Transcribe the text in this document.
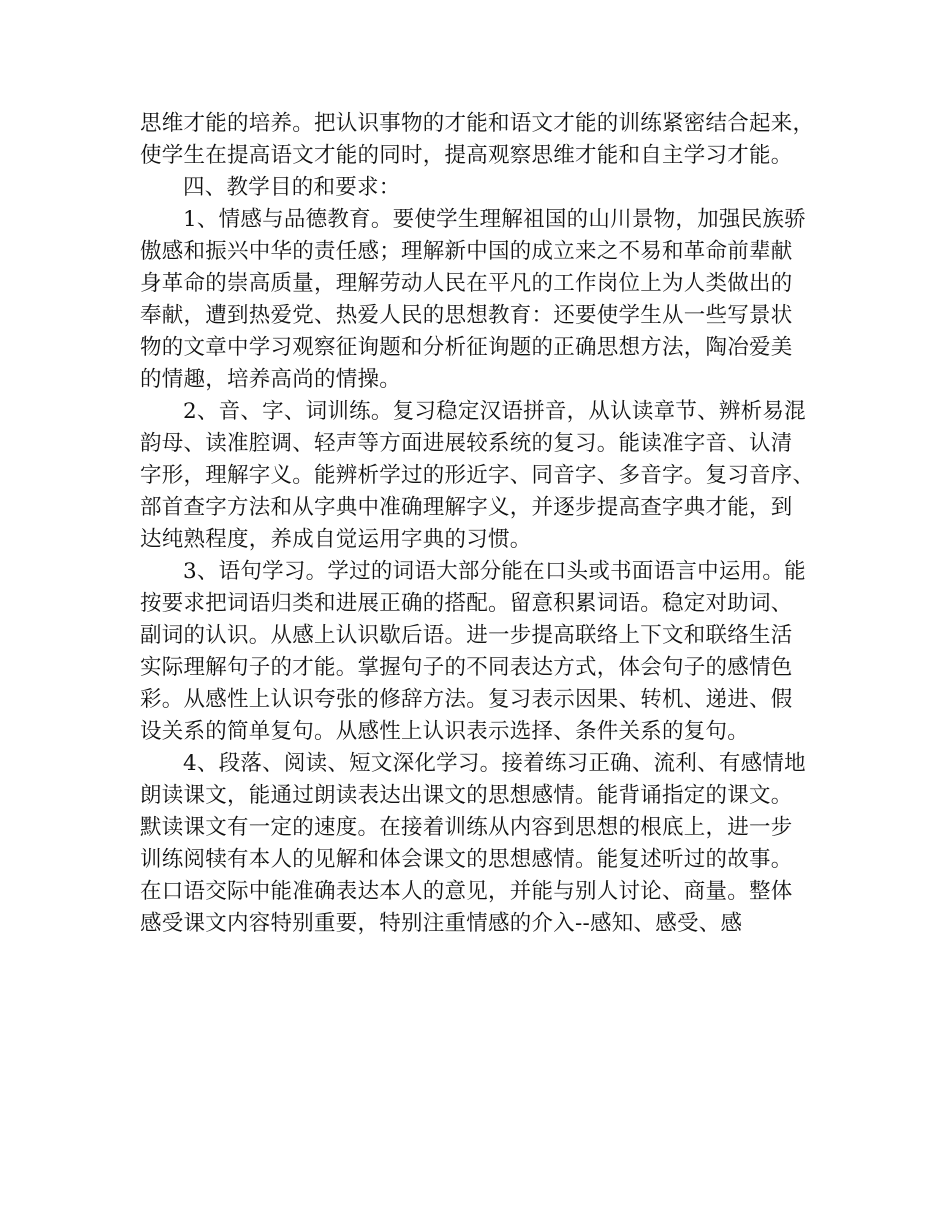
思维才能的培养。把认识事物的才能和语文才能的训练紧密结合起来，

使学生在提高语文才能的同时，提高观察思维才能和自主学习才能。

四、教学目的和要求：

1、情感与品德教育。要使学生理解祖国的山川景物，加强民族骄

傲感和振兴中华的责任感；理解新中国的成立来之不易和革命前辈献

身革命的崇高质量，理解劳动人民在平凡的工作岗位上为人类做出的

奉献，遭到热爱党、热爱人民的思想教育：还要使学生从一些写景状

物的文章中学习观察征询题和分析征询题的正确思想方法，陶冶爱美

的情趣，培养高尚的情操。

2、音、字、词训练。复习稳定汉语拼音，从认读章节、辨析易混

韵母、读准腔调、轻声等方面进展较系统的复习。能读准字音、认清

字形，理解字义。能辨析学过的形近字、同音字、多音字。复习音序、

部首查字方法和从字典中准确理解字义，并逐步提高查字典才能，到

达纯熟程度，养成自觉运用字典的习惯。

3、语句学习。学过的词语大部分能在口头或书面语言中运用。能

按要求把词语归类和进展正确的搭配。留意积累词语。稳定对助词、

副词的认识。从感上认识歇后语。进一步提高联络上下文和联络生活

实际理解句子的才能。掌握句子的不同表达方式，体会句子的感情色

彩。从感性上认识夸张的修辞方法。复习表示因果、转机、递进、假

设关系的简单复句。从感性上认识表示选择、条件关系的复句。

4、段落、阅读、短文深化学习。接着练习正确、流利、有感情地

朗读课文，能通过朗读表达出课文的思想感情。能背诵指定的课文。

默读课文有一定的速度。在接着训练从内容到思想的根底上，进一步

训练阅犊有本人的见解和体会课文的思想感情。能复述听过的故事。

在口语交际中能准确表达本人的意见，并能与别人讨论、商量。整体

感受课文内容特别重要，特别注重情感的介入--感知、感受、感
